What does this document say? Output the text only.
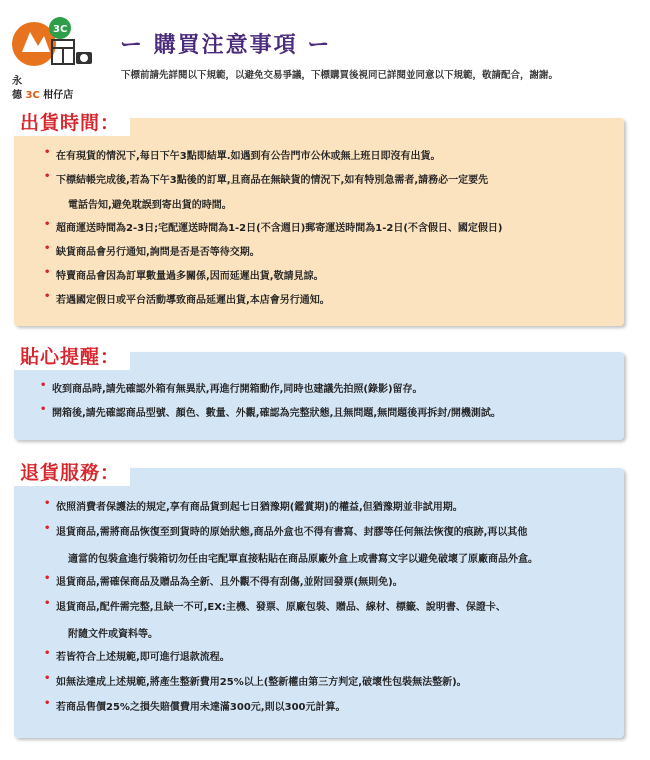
3C
永
德 3C 柑仔店
ー 購買注意事項 ー
下標前請先詳閱以下規範，以避免交易爭議，下標購買後視同已詳閱並同意以下規範，敬請配合，謝謝。
出貨時間：
• 在有現貨的情況下,每日下午3點即結單.如遇到有公告門市公休或無上班日即沒有出貨。
• 下標結帳完成後,若為下午3點後的訂單,且商品在無缺貨的情況下,如有特別急需者,請務必一定要先
電話告知,避免耽誤到寄出貨的時間。
• 超商運送時間為2-3日;宅配運送時間為1-2日(不含週日)郵寄運送時間為1-2日(不含假日、國定假日)
• 缺貨商品會另行通知,詢問是否是否等待交期。
• 特賣商品會因為訂單數量過多關係,因而延遲出貨,敬請見諒。
• 若遇國定假日或平台活動導致商品延遲出貨,本店會另行通知。
貼心提醒：
• 收到商品時,請先確認外箱有無異狀,再進行開箱動作,同時也建議先拍照(錄影)留存。
• 開箱後,請先確認商品型號、顏色、數量、外觀,確認為完整狀態,且無問題,無問題後再拆封/開機測試。
退貨服務：
• 依照消費者保護法的規定,享有商品貨到起七日猶豫期(鑑賞期)的權益,但猶豫期並非試用期。
• 退貨商品,需將商品恢復至到貨時的原始狀態,商品外盒也不得有書寫、封膠等任何無法恢復的痕跡,再以其他
適當的包裝盒進行裝箱切勿任由宅配單直接粘貼在商品原廠外盒上或書寫文字以避免破壞了原廠商品外盒。
• 退貨商品,需確保商品及贈品為全新、且外觀不得有刮傷,並附回發票(無則免)。
• 退貨商品,配件需完整,且缺一不可,EX:主機、發票、原廠包裝、贈品、線材、標籤、說明書、保證卡、
附隨文件或資料等。
• 若皆符合上述規範,即可進行退款流程。
• 如無法達成上述規範,將產生整新費用25%以上(整新權由第三方判定,破壞性包裝無法整新)。
• 若商品售價25%之損失賠償費用未達滿300元,則以300元計算。
